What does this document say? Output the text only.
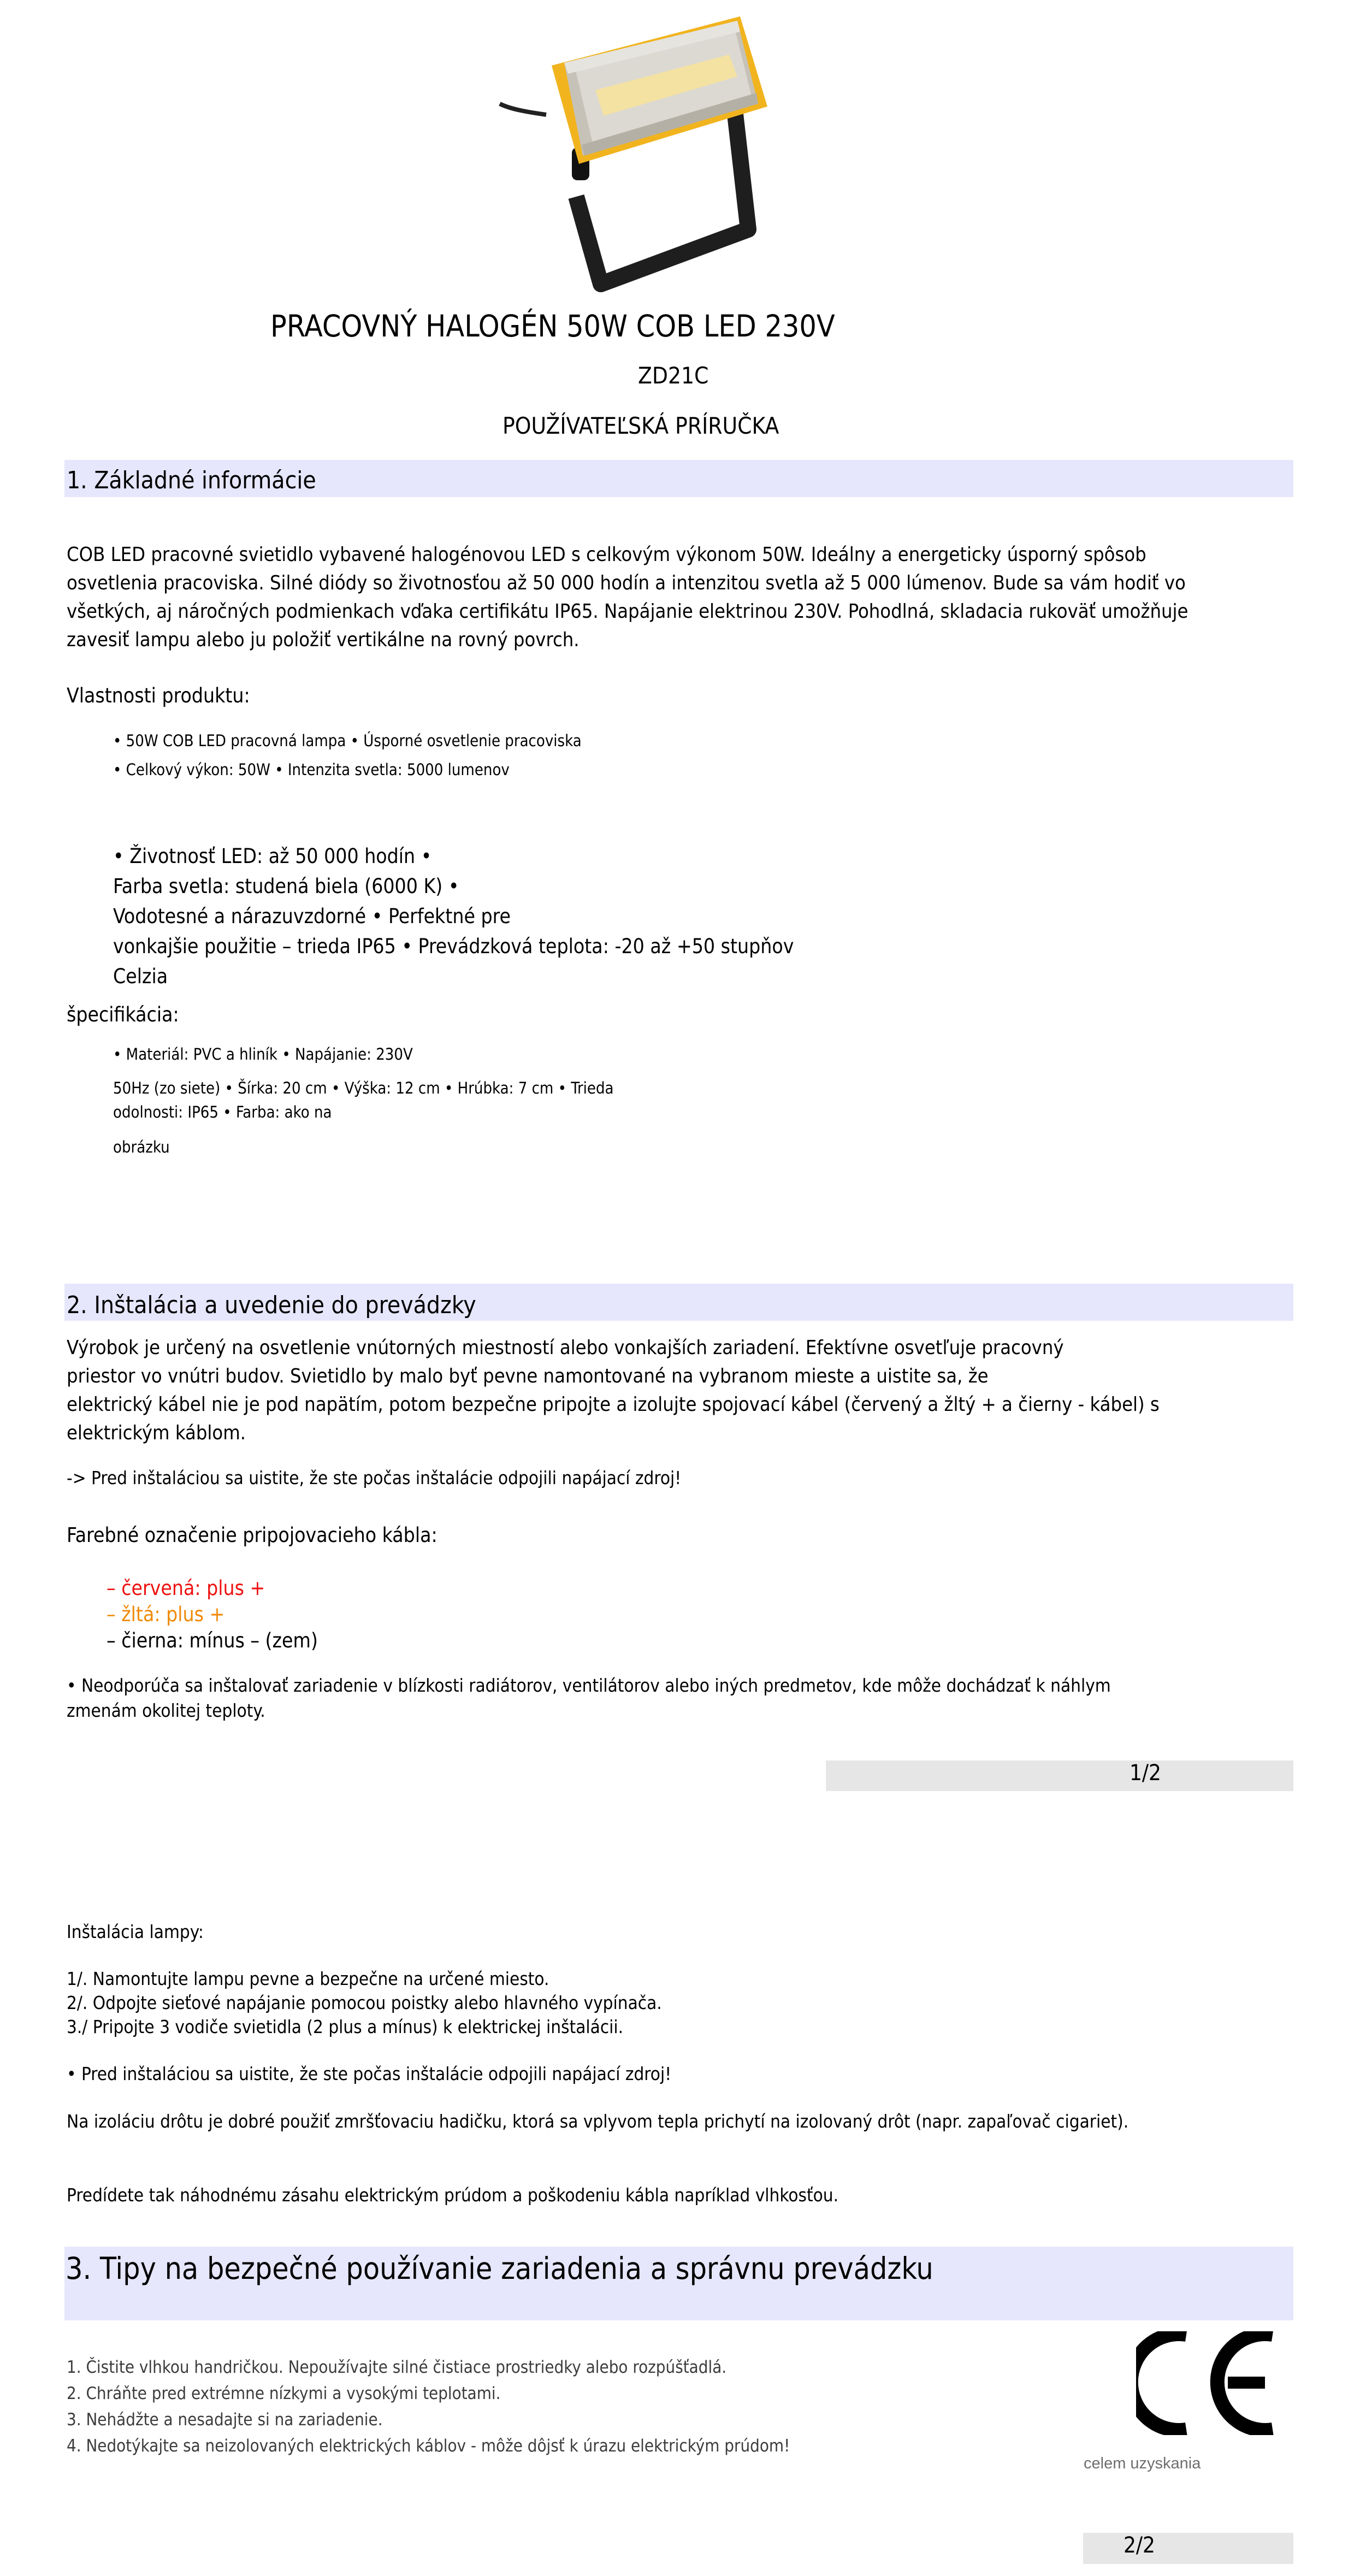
PRACOVNÝ HALOGÉN 50W COB LED 230V
ZD21C
POUŽÍVATEĽSKÁ PRÍRUČKA
1. Základné informácie
COB LED pracovné svietidlo vybavené halogénovou LED s celkovým výkonom 50W. Ideálny a energeticky úsporný spôsob
osvetlenia pracoviska. Silné diódy so životnosťou až 50 000 hodín a intenzitou svetla až 5 000 lúmenov. Bude sa vám hodiť vo
všetkých, aj náročných podmienkach vďaka certifikátu IP65. Napájanie elektrinou 230V. Pohodlná, skladacia rukoväť umožňuje
zavesiť lampu alebo ju položiť vertikálne na rovný povrch.
Vlastnosti produktu:
• 50W COB LED pracovná lampa • Úsporné osvetlenie pracoviska
• Celkový výkon: 50W • Intenzita svetla: 5000 lumenov
• Životnosť LED: až 50 000 hodín •
Farba svetla: studená biela (6000 K) •
Vodotesné a nárazuvzdorné • Perfektné pre
vonkajšie použitie – trieda IP65 • Prevádzková teplota: -20 až +50 stupňov
Celzia
špecifikácia:
• Materiál: PVC a hliník • Napájanie: 230V
50Hz (zo siete) • Šírka: 20 cm • Výška: 12 cm • Hrúbka: 7 cm • Trieda
odolnosti: IP65 • Farba: ako na
obrázku
2. Inštalácia a uvedenie do prevádzky
Výrobok je určený na osvetlenie vnútorných miestností alebo vonkajších zariadení. Efektívne osvetľuje pracovný
priestor vo vnútri budov. Svietidlo by malo byť pevne namontované na vybranom mieste a uistite sa, že
elektrický kábel nie je pod napätím, potom bezpečne pripojte a izolujte spojovací kábel (červený a žltý + a čierny - kábel) s
elektrickým káblom.
-> Pred inštaláciou sa uistite, že ste počas inštalácie odpojili napájací zdroj!
Farebné označenie pripojovacieho kábla:
– červená: plus +
– žltá: plus +
– čierna: mínus – (zem)
• Neodporúča sa inštalovať zariadenie v blízkosti radiátorov, ventilátorov alebo iných predmetov, kde môže dochádzať k náhlym
zmenám okolitej teploty.
1/2
Inštalácia lampy:
1/. Namontujte lampu pevne a bezpečne na určené miesto.
2/. Odpojte sieťové napájanie pomocou poistky alebo hlavného vypínača.
3./ Pripojte 3 vodiče svietidla (2 plus a mínus) k elektrickej inštalácii.
• Pred inštaláciou sa uistite, že ste počas inštalácie odpojili napájací zdroj!
Na izoláciu drôtu je dobré použiť zmršťovaciu hadičku, ktorá sa vplyvom tepla prichytí na izolovaný drôt (napr. zapaľovač cigariet).
Predídete tak náhodnému zásahu elektrickým prúdom a poškodeniu kábla napríklad vlhkosťou.
3. Tipy na bezpečné používanie zariadenia a správnu prevádzku
1. Čistite vlhkou handričkou. Nepoužívajte silné čistiace prostriedky alebo rozpúšťadlá.
2. Chráňte pred extrémne nízkymi a vysokými teplotami.
3. Nehádžte a nesadajte si na zariadenie.
4. Nedotýkajte sa neizolovaných elektrických káblov - môže dôjsť k úrazu elektrickým prúdom!
celem uzyskania
2/2
